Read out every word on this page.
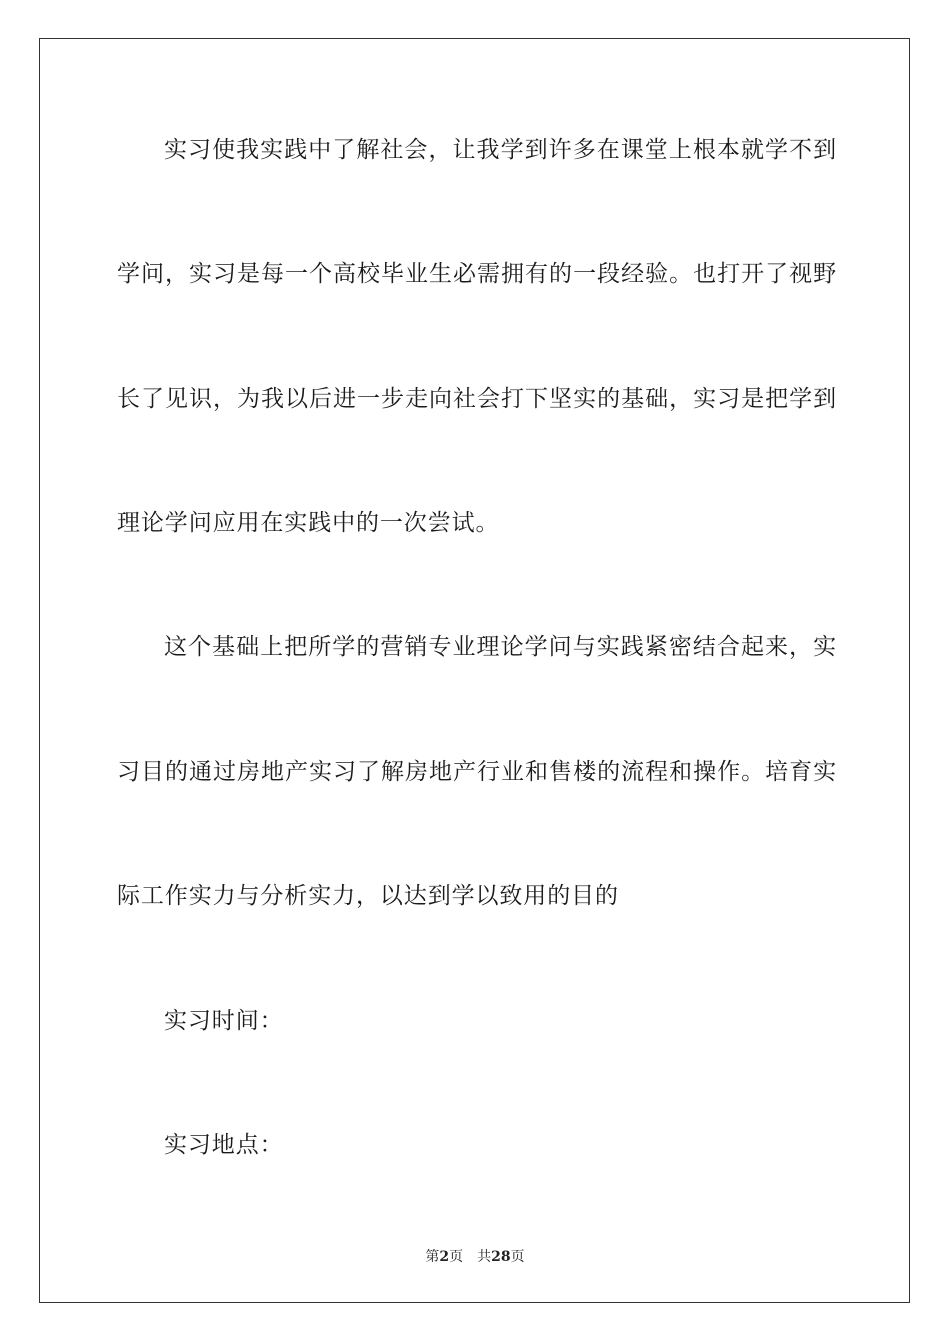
实习使我实践中了解社会，让我学到许多在课堂上根本就学不到
学问，实习是每一个高校毕业生必需拥有的一段经验。也打开了视野
长了见识，为我以后进一步走向社会打下坚实的基础，实习是把学到
理论学问应用在实践中的一次尝试。
这个基础上把所学的营销专业理论学问与实践紧密结合起来，实
习目的通过房地产实习了解房地产行业和售楼的流程和操作。培育实
际工作实力与分析实力，以达到学以致用的目的
实习时间：
实习地点：
第2页　共28页
